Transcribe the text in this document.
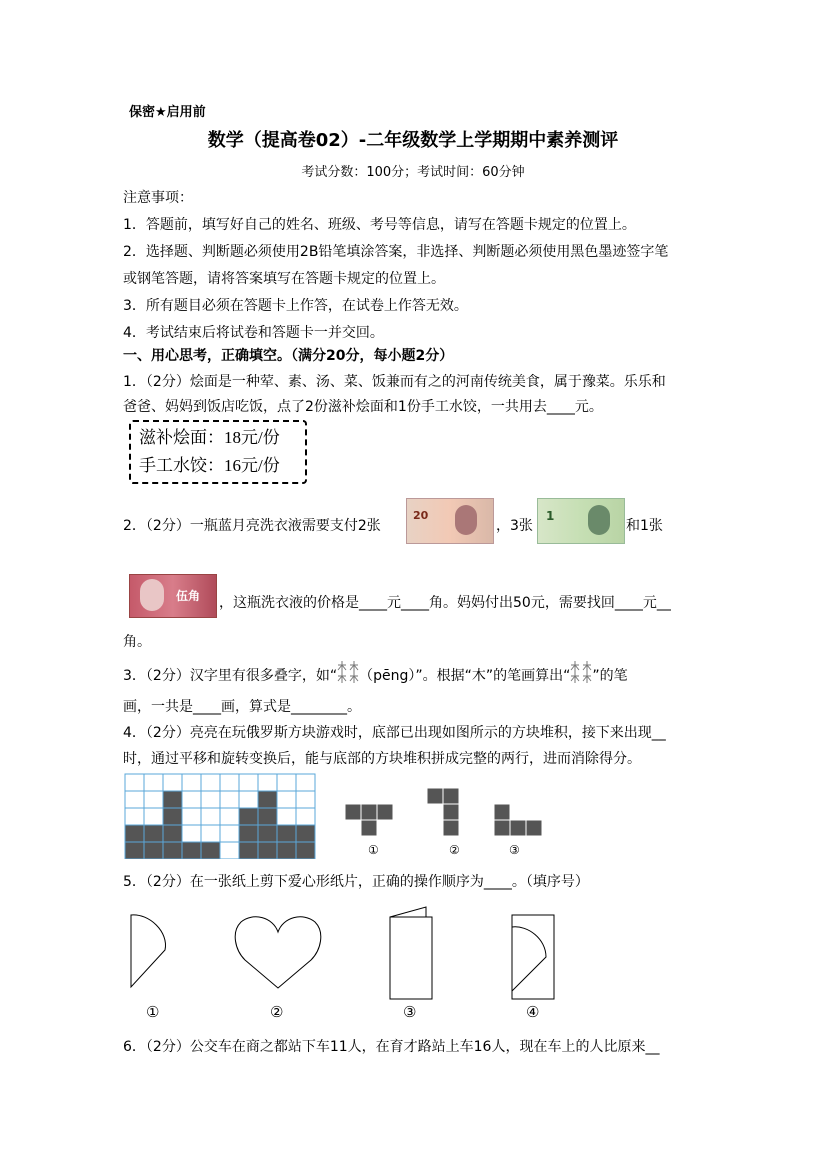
保密★启用前
数学（提高卷02）-二年级数学上学期期中素养测评
考试分数：100分；考试时间：60分钟
注意事项：
1．答题前，填写好自己的姓名、班级、考号等信息，请写在答题卡规定的位置上。
2．选择题、判断题必须使用2B铅笔填涂答案，非选择、判断题必须使用黑色墨迹签字笔
或钢笔答题，请将答案填写在答题卡规定的位置上。
3．所有题目必须在答题卡上作答，在试卷上作答无效。
4．考试结束后将试卷和答题卡一并交回。
一、用心思考，正确填空。（满分20分，每小题2分）
1．（2分）烩面是一种荤、素、汤、菜、饭兼而有之的河南传统美食，属于豫菜。乐乐和
爸爸、妈妈到饭店吃饭，点了2份滋补烩面和1份手工水饺，一共用去____元。
滋补烩面：18元/份
手工水饺：16元/份
2．（2分）一瓶蓝月亮洗衣液需要支付2张
20
，3张
1
和1张
伍角 ，这瓶洗衣液的价格是____元____角。妈妈付出50元，需要找回____元__
角。
3．（2分）汉字里有很多叠字，如“ （pēng）”。根据“木”的笔画算出“ ”的笔
画，一共是____画，算式是________。
4．（2分）亮亮在玩俄罗斯方块游戏时，底部已出现如图所示的方块堆积，接下来出现__
时，通过平移和旋转变换后，能与底部的方块堆积拼成完整的两行，进而消除得分。
①	②	③
5．（2分）在一张纸上剪下爱心形纸片，正确的操作顺序为____。（填序号）
①	②	③	④
6．（2分）公交车在商之都站下车11人，在育才路站上车16人，现在车上的人比原来__
